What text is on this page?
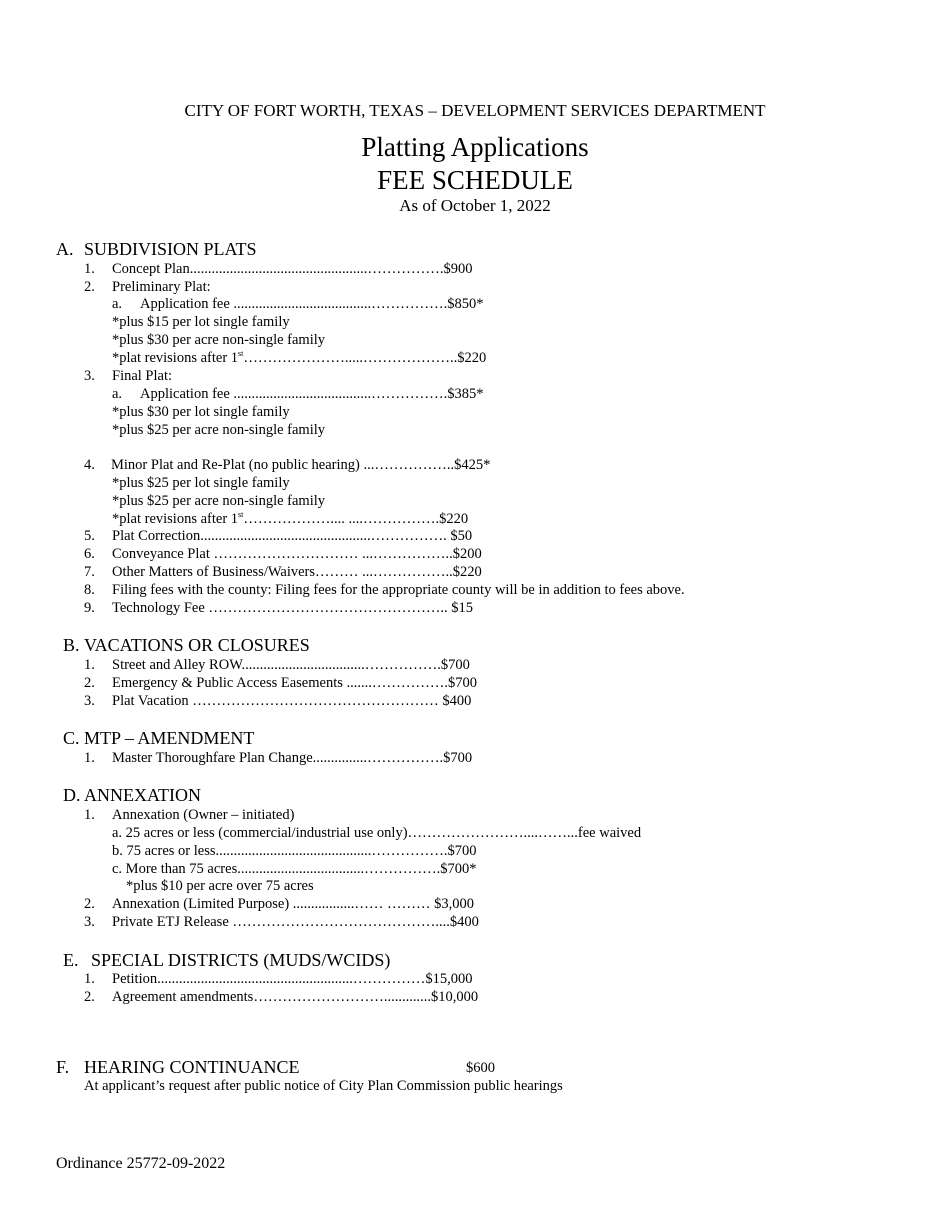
CITY OF FORT WORTH, TEXAS – DEVELOPMENT SERVICES DEPARTMENT
Platting Applications
FEE SCHEDULE
As of October 1, 2022
A. SUBDIVISION PLATS
1. Concept Plan.................................................…………….$900
2. Preliminary Plat:
a. Application fee ......................................…………….$850*
*plus $15 per lot single family
*plus $30 per acre non-single family
*plat revisions after 1st………………….....………………..$220
3. Final Plat:
a. Application fee ......................................…………….$385*
*plus $30 per lot single family
*plus $25 per acre non-single family
4. Minor Plat and Re-Plat (no public hearing) ...……………..$425*
*plus $25 per lot single family
*plus $25 per acre non-single family
*plat revisions after 1st……………….... ....…………….$220
5. Plat Correction...............................................……………. $50
6. Conveyance Plat ………………………… ...……………..$200
7. Other Matters of Business/Waivers……… ...……………..$220
8. Filing fees with the county: Filing fees for the appropriate county will be in addition to fees above.
9. Technology Fee ………………………………………….. $15
B. VACATIONS OR CLOSURES
1. Street and Alley ROW..................................…………….$700
2. Emergency & Public Access Easements .......…………….$700
3. Plat Vacation …………………………………………… $400
C. MTP – AMENDMENT
1. Master Thoroughfare Plan Change...............…………….$700
D. ANNEXATION
1. Annexation (Owner – initiated)
a. 25 acres or less (commercial/industrial use only)……………………....……...fee waived
b. 75 acres or less...........................................…………….$700
c. More than 75 acres...................................…………….$700*
*plus $10 per acre over 75 acres
2. Annexation (Limited Purpose) .................…… ……… $3,000
3. Private ETJ Release ……………………………………....$400
E. SPECIAL DISTRICTS (MUDS/WCIDS)
1. Petition......................................................……………$15,000
2. Agreement amendments……………………….............$10,000
F. HEARING CONTINUANCE	$600
At applicant’s request after public notice of City Plan Commission public hearings
Ordinance 25772-09-2022
